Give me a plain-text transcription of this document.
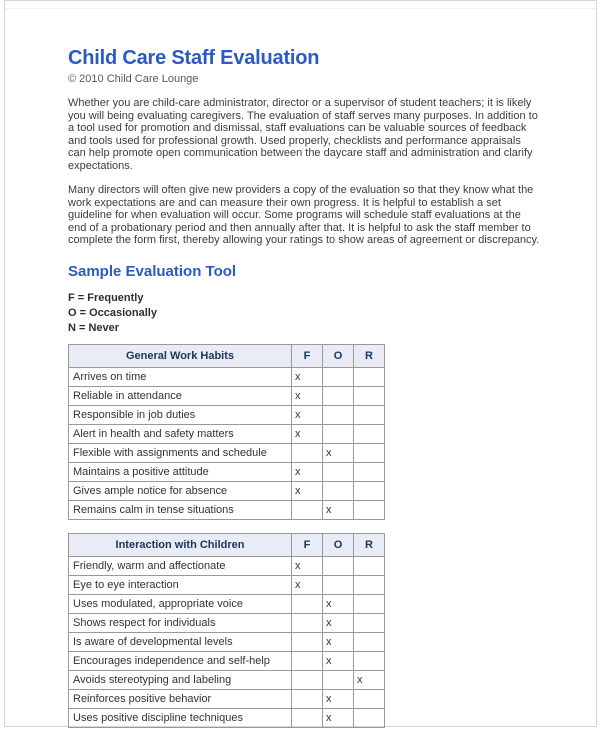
Child Care Staff Evaluation
© 2010 Child Care Lounge

Whether you are child-care administrator, director or a supervisor of student teachers; it is likely you will being evaluating caregivers. The evaluation of staff serves many purposes. In addition to a tool used for promotion and dismissal, staff evaluations can be valuable sources of feedback and tools used for professional growth. Used properly, checklists and performance appraisals can help promote open communication between the daycare staff and administration and clarify expectations.

Many directors will often give new providers a copy of the evaluation so that they know what the work expectations are and can measure their own progress. It is helpful to establish a set guideline for when evaluation will occur. Some programs will schedule staff evaluations at the end of a probationary period and then annually after that. It is helpful to ask the staff member to complete the form first, thereby allowing your ratings to show areas of agreement or discrepancy.

Sample Evaluation Tool
F = Frequently
O = Occasionally
N = Never
General Work Habits	F	O	R
Arrives on time	x		
Reliable in attendance	x		
Responsible in job duties	x		
Alert in health and safety matters	x		
Flexible with assignments and schedule		x	
Maintains a positive attitude	x		
Gives ample notice for absence	x		
Remains calm in tense situations		x	
Interaction with Children	F	O	R
Friendly, warm and affectionate	x		
Eye to eye interaction	x		
Uses modulated, appropriate voice		x	
Shows respect for individuals		x	
Is aware of developmental levels		x	
Encourages independence and self-help		x	
Avoids stereotyping and labeling			x
Reinforces positive behavior		x	
Uses positive discipline techniques		x	
